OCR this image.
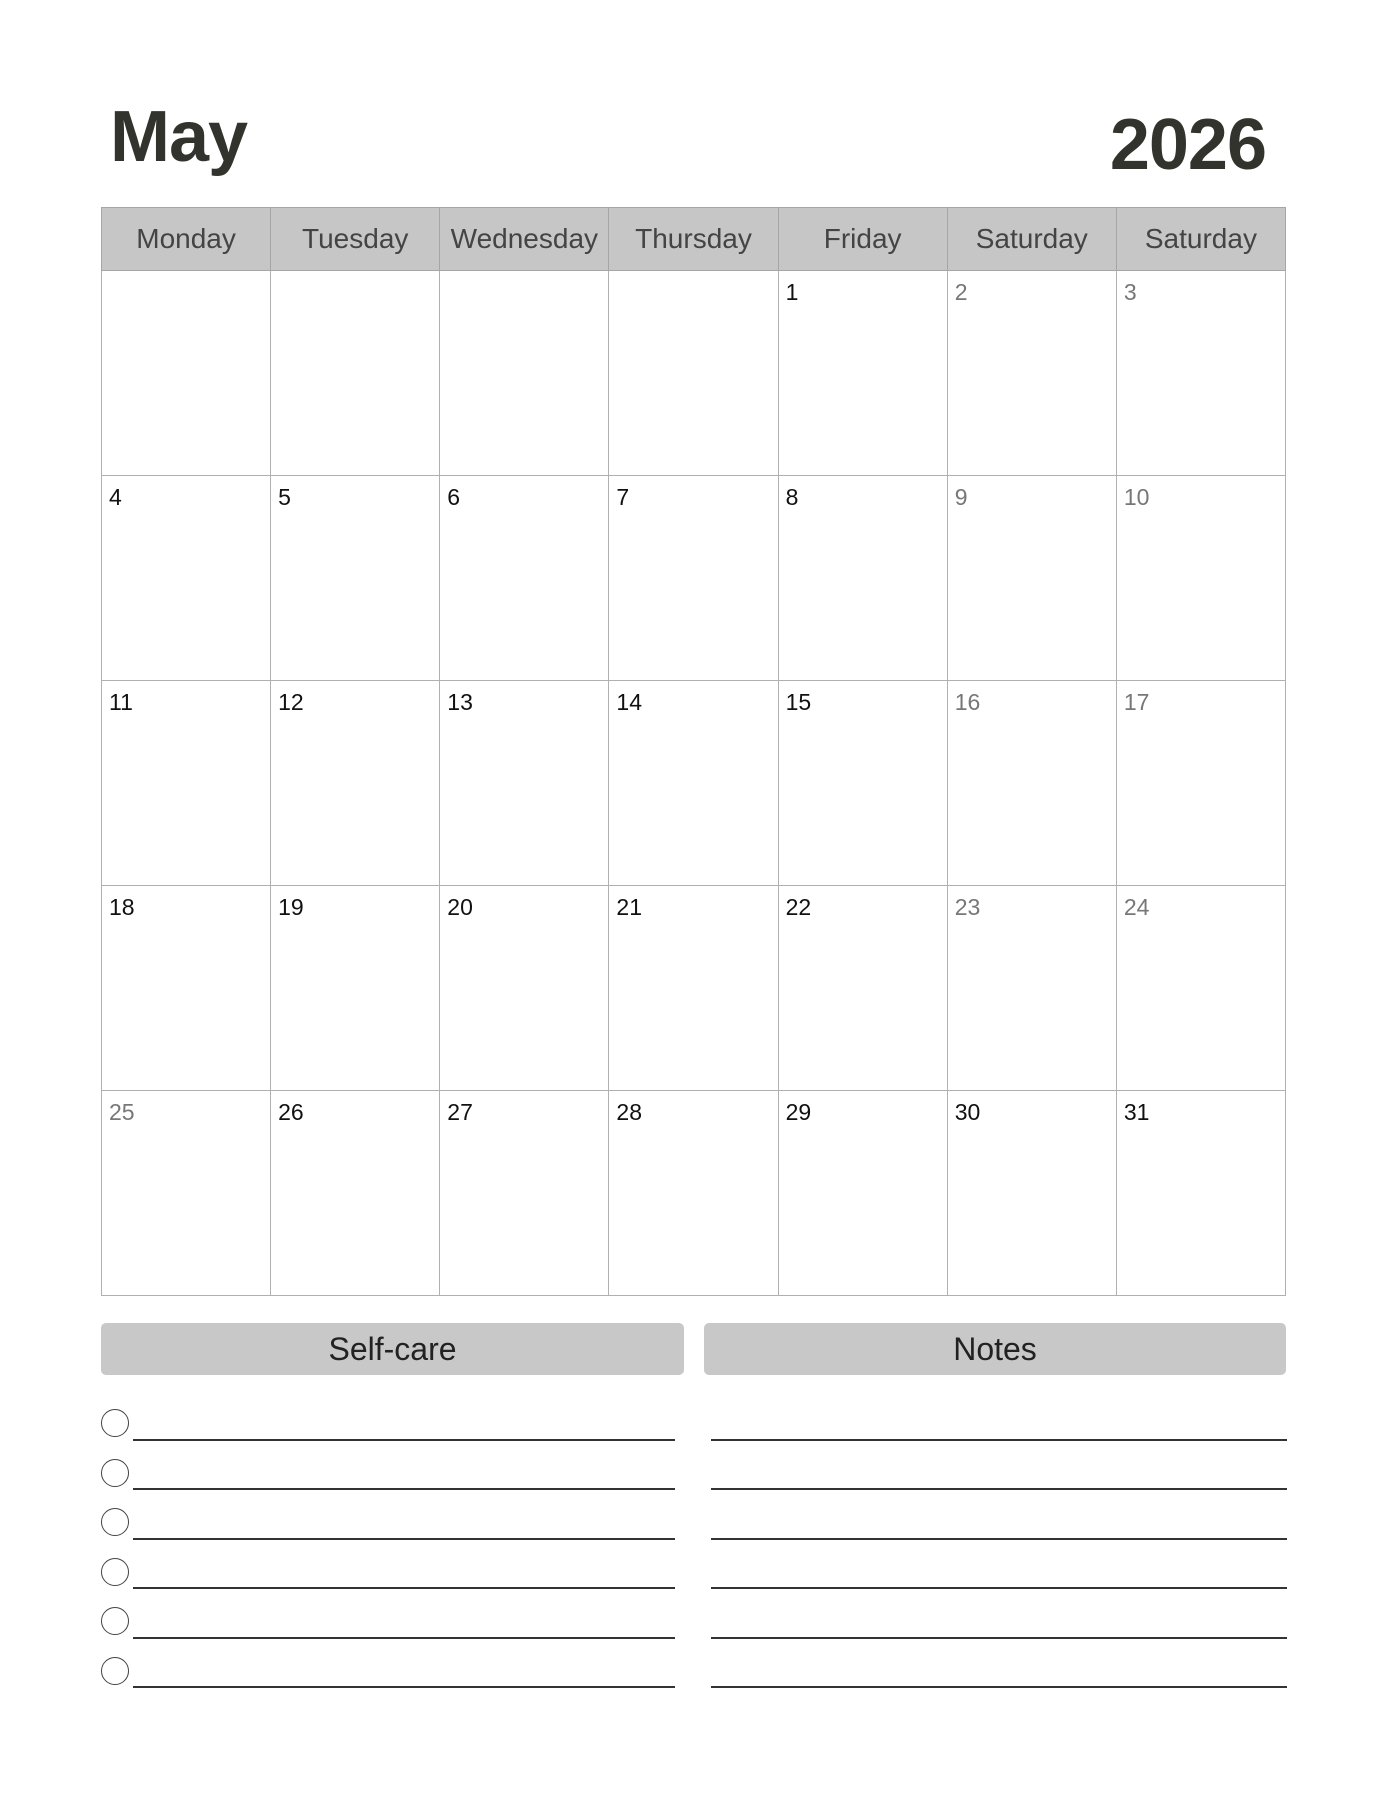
May	2026
Monday	Tuesday	Wednesday	Thursday	Friday	Saturday	Saturday

				1	2	3

4	5	6	7	8	9	10

11	12	13	14	15	16	17

18	19	20	21	22	23	24

25	26	27	28	29	30	31
Self-care	Notes
